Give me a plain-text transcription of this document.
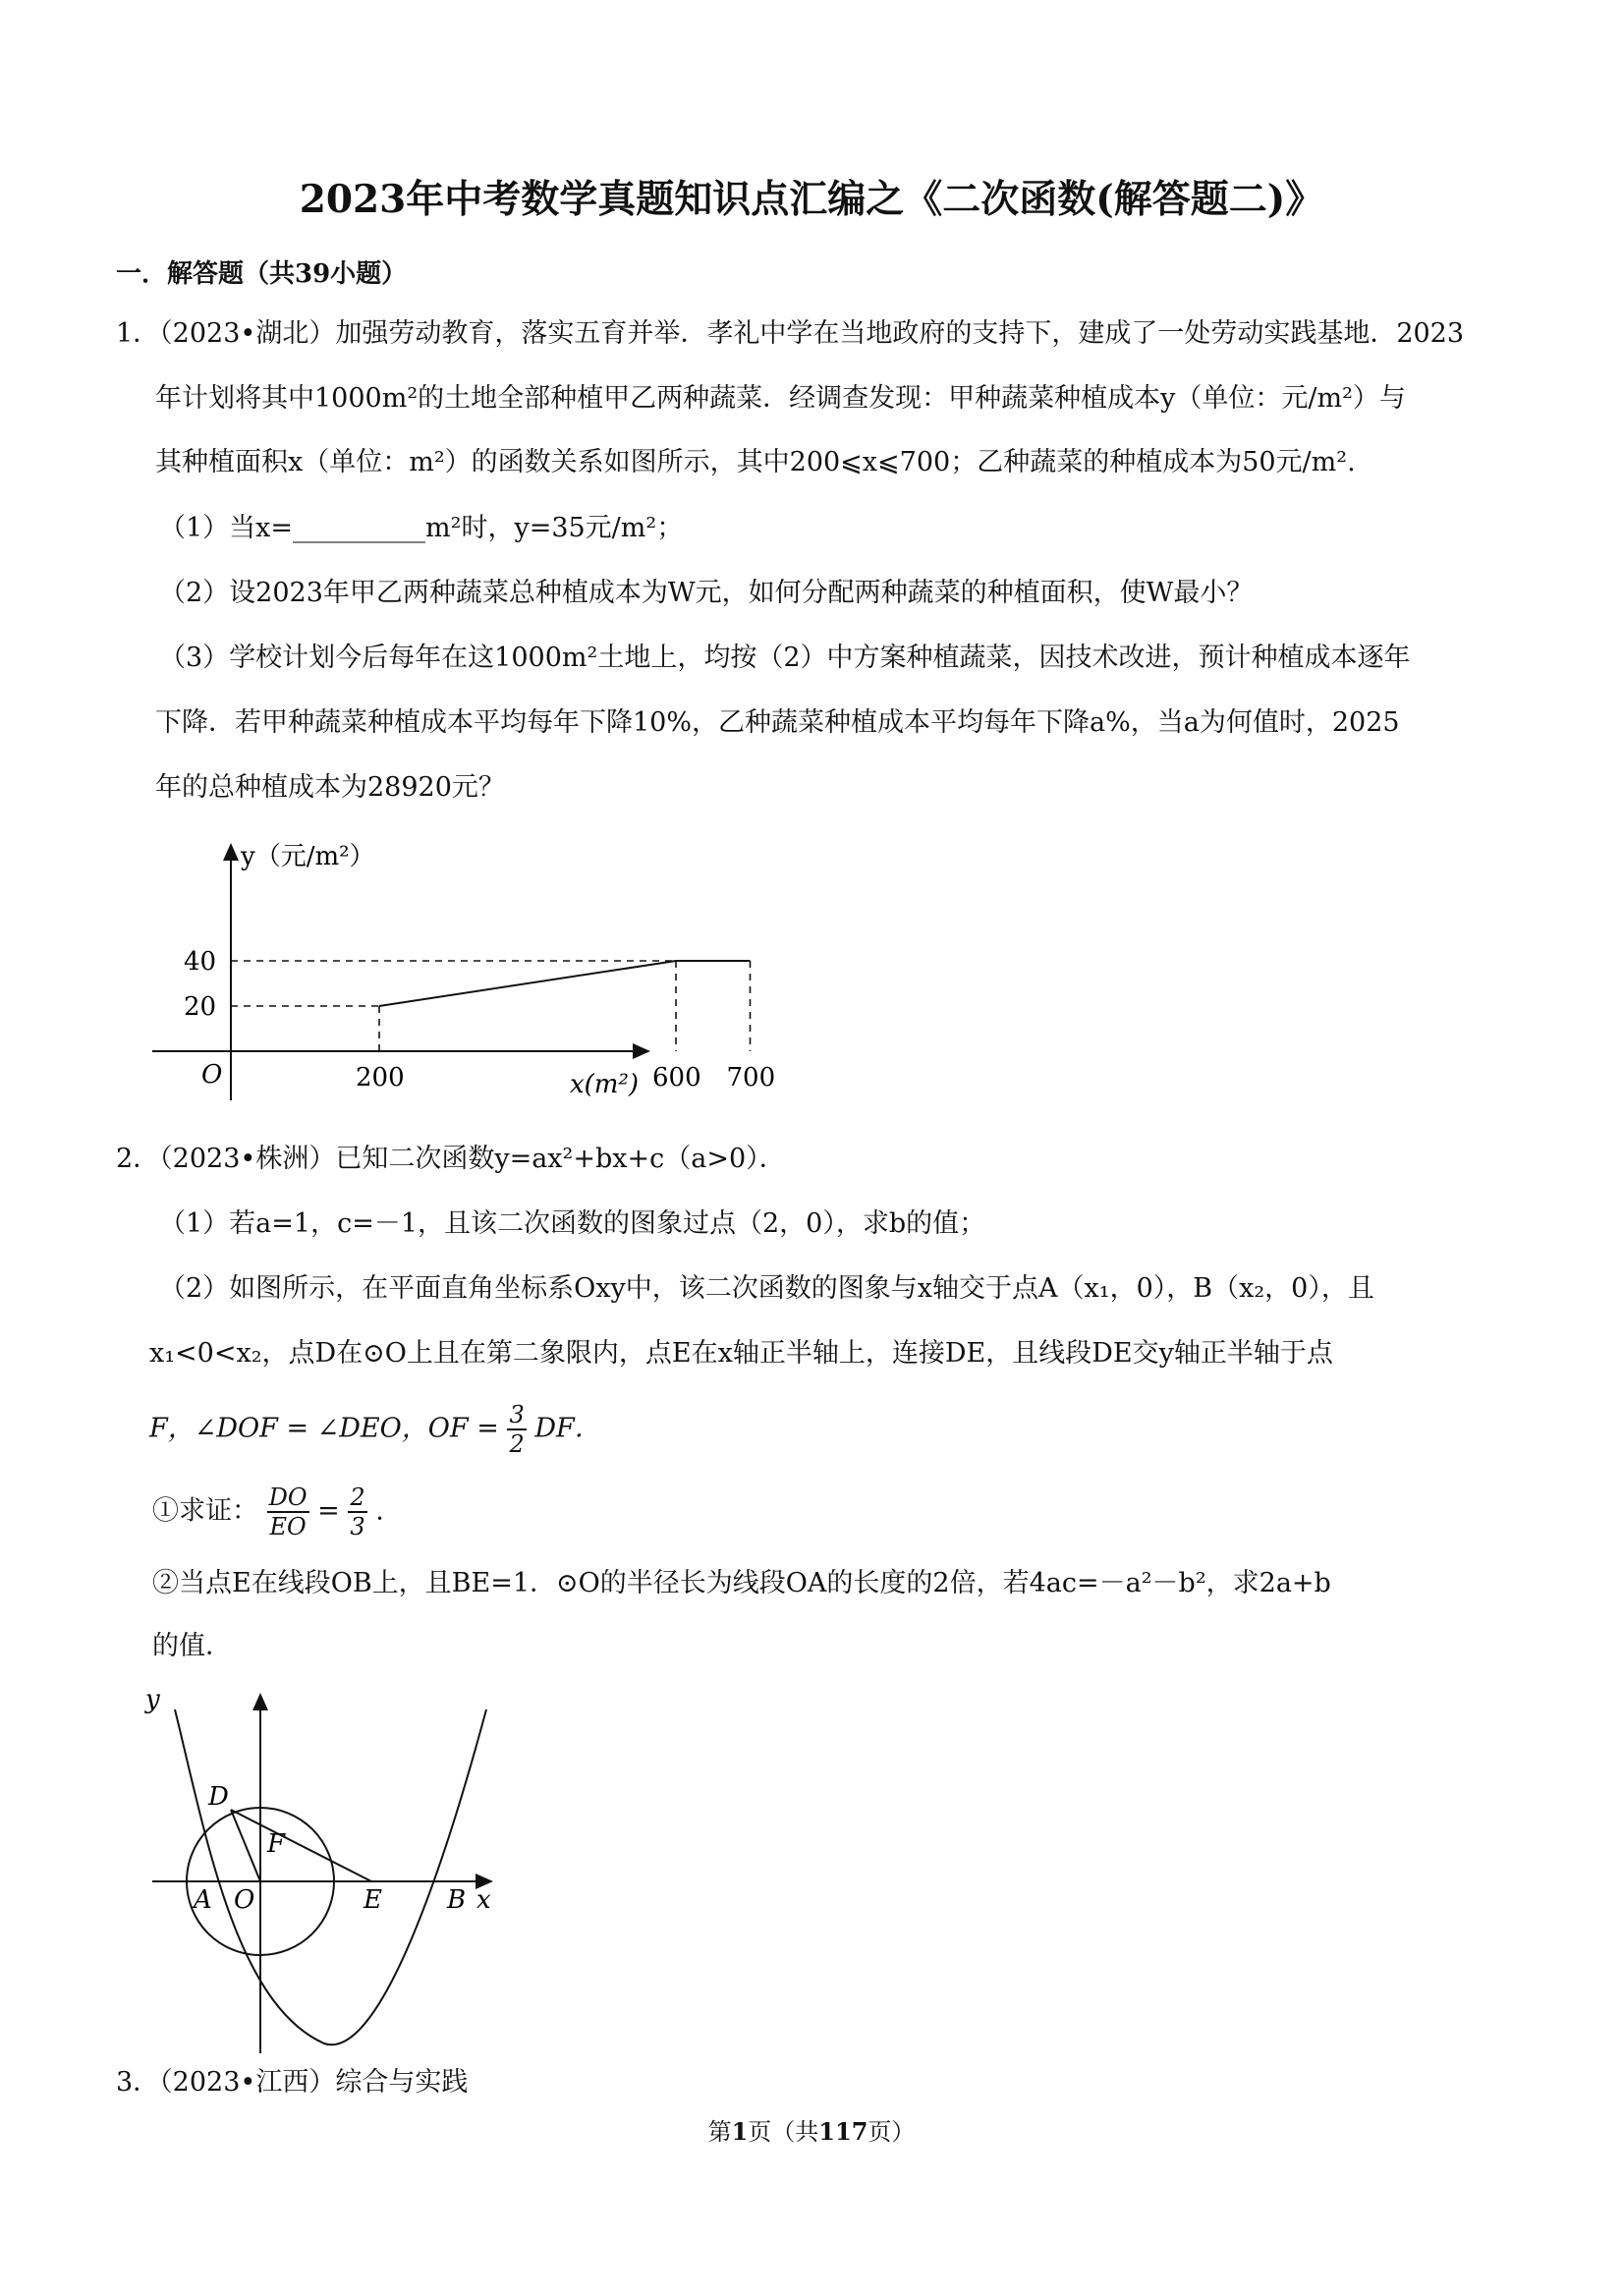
2023年中考数学真题知识点汇编之《二次函数(解答题二)》
一．解答题（共39小题）
1．（2023•湖北）加强劳动教育，落实五育并举．孝礼中学在当地政府的支持下，建成了一处劳动实践基地．2023
年计划将其中1000m²的土地全部种植甲乙两种蔬菜．经调查发现：甲种蔬菜种植成本y（单位：元/m²）与
其种植面积x（单位：m²）的函数关系如图所示，其中200⩽x⩽700；乙种蔬菜的种植成本为50元/m².
（1）当x=__________m²时，y=35元/m²；
（2）设2023年甲乙两种蔬菜总种植成本为W元，如何分配两种蔬菜的种植面积，使W最小？
（3）学校计划今后每年在这1000m²土地上，均按（2）中方案种植蔬菜，因技术改进，预计种植成本逐年
下降．若甲种蔬菜种植成本平均每年下降10%，乙种蔬菜种植成本平均每年下降a%，当a为何值时，2025
年的总种植成本为28920元？
y（元/m²）
x(m²)
O	200	600 700
20
40
2．（2023•株洲）已知二次函数y=ax²+bx+c（a>0）．
（1）若a=1，c=－1，且该二次函数的图象过点（2，0），求b的值；
（2）如图所示，在平面直角坐标系Oxy中，该二次函数的图象与x轴交于点A（x₁，0），B（x₂，0），且
x₁<0<x₂，点D在⊙O上且在第二象限内，点E在x轴正半轴上，连接DE，且线段DE交y轴正半轴于点
F，∠DOF = ∠DEO，OF = $\frac{3}{2}$ DF．
①求证： $\frac{DO}{EO} = \frac{2}{3}$ .
②当点E在线段OB上，且BE=1．⊙O的半径长为线段OA的长度的2倍，若4ac=－a²－b²，求2a+b
的值．
y
x
D
F
A O	E	B
3．（2023•江西）综合与实践
第1页（共117页）
